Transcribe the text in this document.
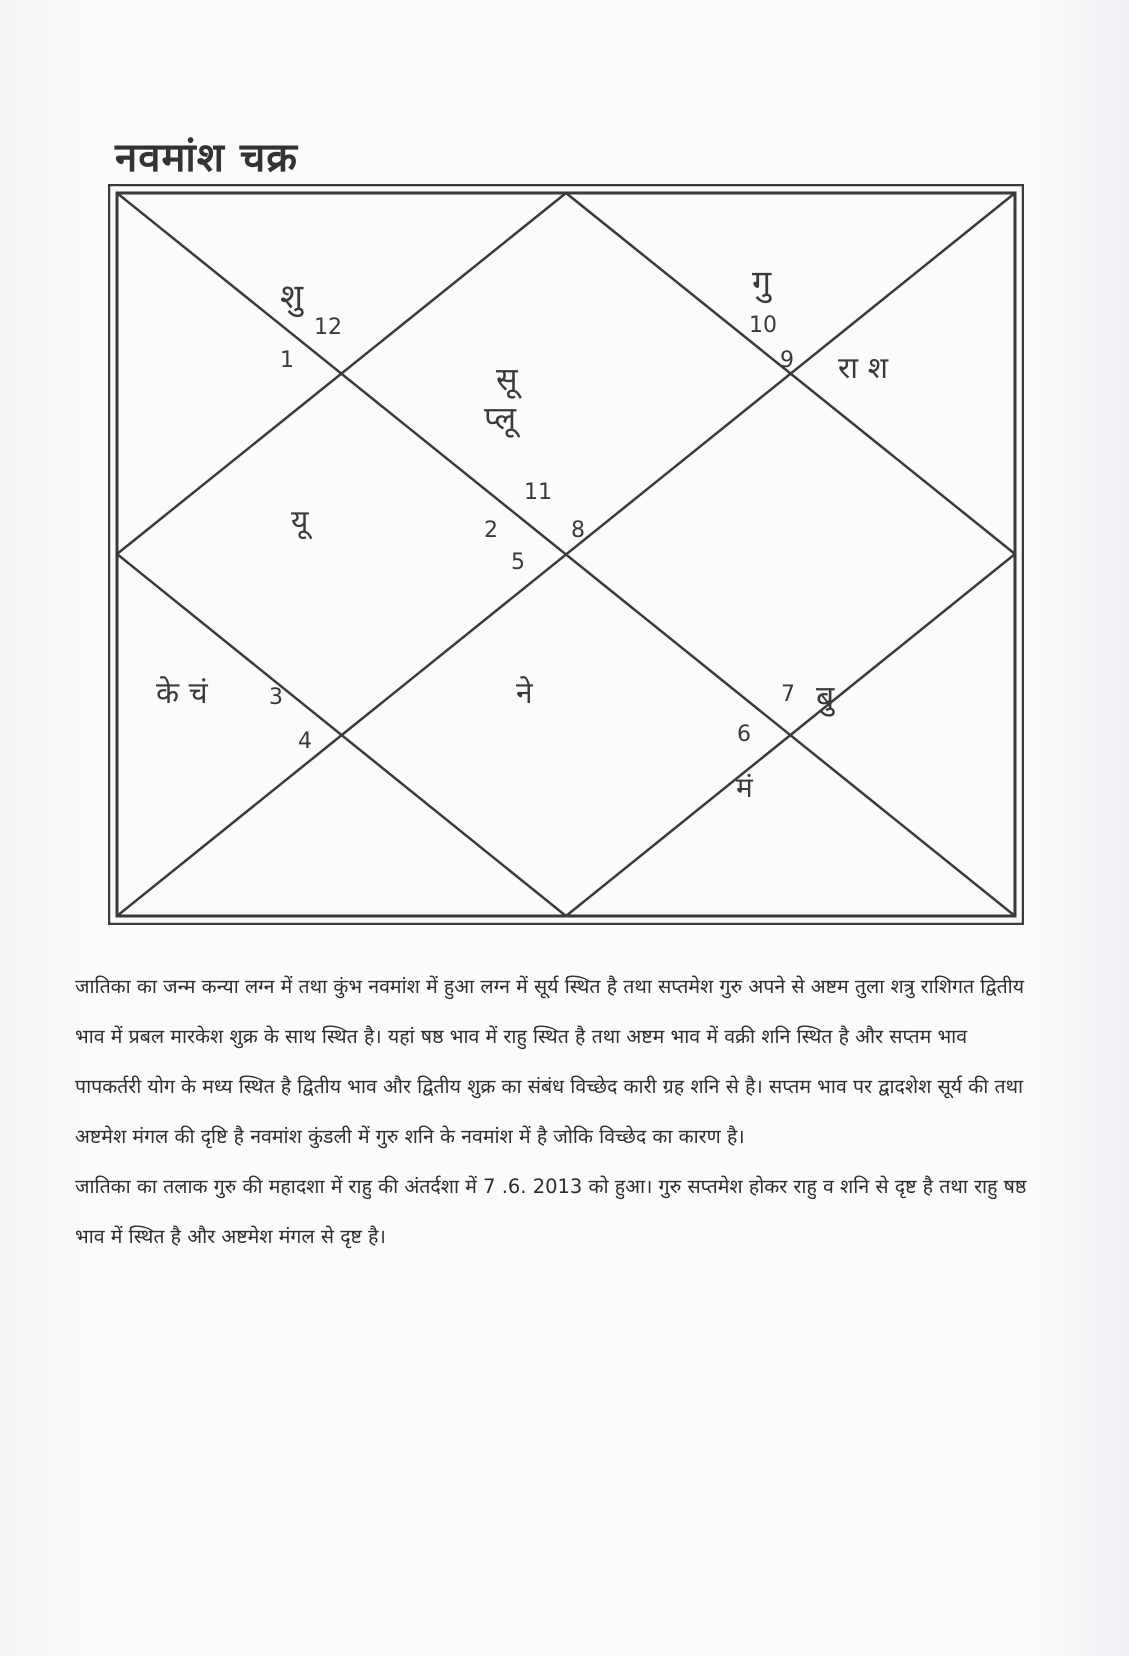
नवमांश चक्र
शु
12
1
गु
10
9 रा श
सू
प्लू
11
यू	2	8
5
ने
के चं	3
4
7 बु
6
मं

जातिका का जन्म कन्या लग्न में तथा कुंभ नवमांश में हुआ लग्न में सूर्य स्थित है तथा सप्तमेश गुरु अपने से अष्टम तुला शत्रु राशिगत द्वितीय भाव में प्रबल मारकेश शुक्र के साथ स्थित है। यहां षष्ठ भाव में राहु स्थित है तथा अष्टम भाव में वक्री शनि स्थित है और सप्तम भाव पापकर्तरी योग के मध्य स्थित है द्वितीय भाव और द्वितीय शुक्र का संबंध विच्छेद कारी ग्रह शनि से है। सप्तम भाव पर द्वादशेश सूर्य की तथा अष्टमेश मंगल की दृष्टि है नवमांश कुंडली में गुरु शनि के नवमांश में है जोकि विच्छेद का कारण है।

जातिका का तलाक गुरु की महादशा में राहु की अंतर्दशा में 7 .6. 2013 को हुआ। गुरु सप्तमेश होकर राहु व शनि से दृष्ट है तथा राहु षष्ठ भाव में स्थित है और अष्टमेश मंगल से दृष्ट है।
